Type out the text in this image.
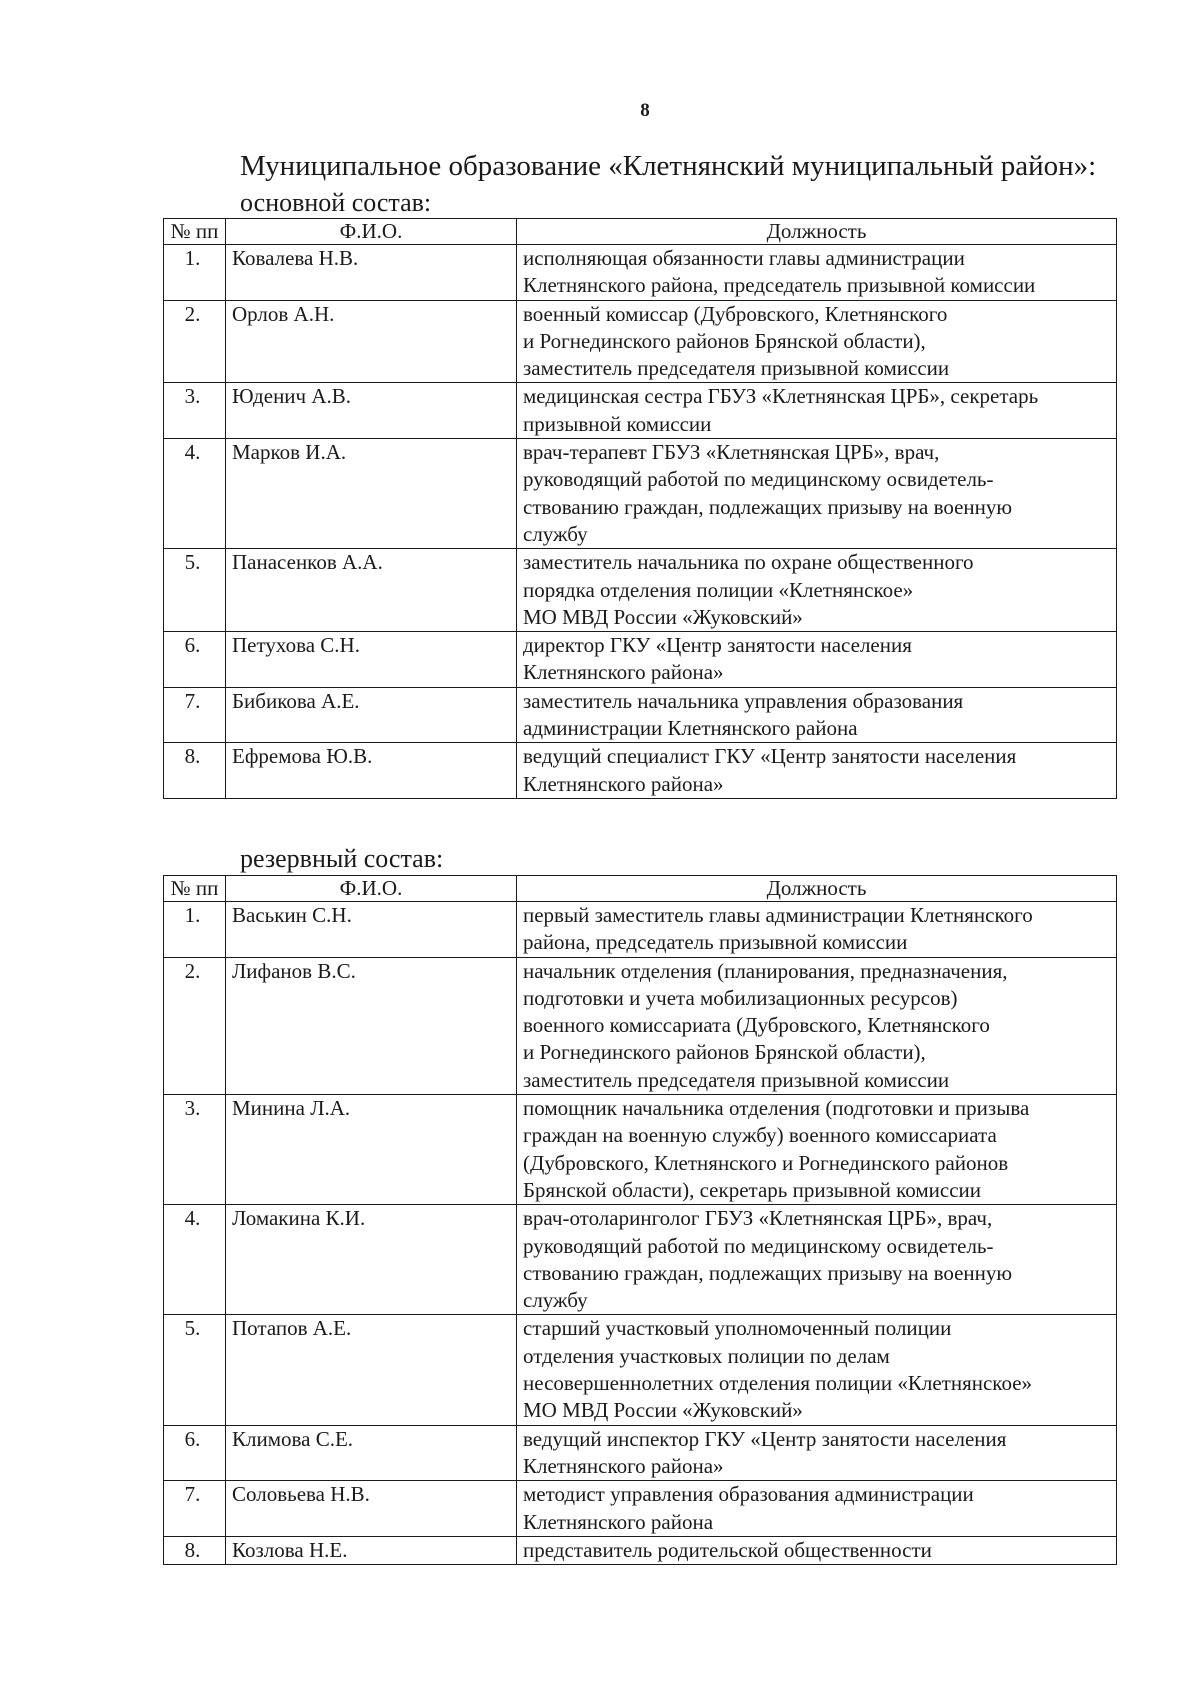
8
Муниципальное образование «Клетнянский муниципальный район»:
основной состав:
№ пп	Ф.И.О.	Должность
1.	Ковалева Н.В.	исполняющая обязанности главы администрации
Клетнянского района, председатель призывной комиссии

2.	Орлов А.Н.	военный комиссар (Дубровского, Клетнянского
и Рогнединского районов Брянской области),
заместитель председателя призывной комиссии

3.	Юденич А.В.	медицинская сестра ГБУЗ «Клетнянская ЦРБ», секретарь
призывной комиссии

4.	Марков И.А.	врач-терапевт ГБУЗ «Клетнянская ЦРБ», врач,
руководящий работой по медицинскому освидетель-
ствованию граждан, подлежащих призыву на военную
службу

5.	Панасенков А.А.	заместитель начальника по охране общественного
порядка отделения полиции «Клетнянское»
МО МВД России «Жуковский»

6.	Петухова С.Н.	директор ГКУ «Центр занятости населения
Клетнянского района»

7.	Бибикова А.Е.	заместитель начальника управления образования
администрации Клетнянского района

8.	Ефремова Ю.В.	ведущий специалист ГКУ «Центр занятости населения
Клетнянского района»
резервный состав:
№ пп	Ф.И.О.	Должность
1.	Васькин С.Н.	первый заместитель главы администрации Клетнянского
района, председатель призывной комиссии

2.	Лифанов В.С.	начальник отделения (планирования, предназначения,
подготовки и учета мобилизационных ресурсов)
военного комиссариата (Дубровского, Клетнянского
и Рогнединского районов Брянской области),
заместитель председателя призывной комиссии

3.	Минина Л.А.	помощник начальника отделения (подготовки и призыва
граждан на военную службу) военного комиссариата
(Дубровского, Клетнянского и Рогнединского районов
Брянской области), секретарь призывной комиссии

4.	Ломакина К.И.	врач-отоларинголог ГБУЗ «Клетнянская ЦРБ», врач,
руководящий работой по медицинскому освидетель-
ствованию граждан, подлежащих призыву на военную
службу

5.	Потапов А.Е.	старший участковый уполномоченный полиции
отделения участковых полиции по делам
несовершеннолетних отделения полиции «Клетнянское»
МО МВД России «Жуковский»

6.	Климова С.Е.	ведущий инспектор ГКУ «Центр занятости населения
Клетнянского района»

7.	Соловьева Н.В.	методист управления образования администрации
Клетнянского района

8.	Козлова Н.Е.	представитель родительской общественности
